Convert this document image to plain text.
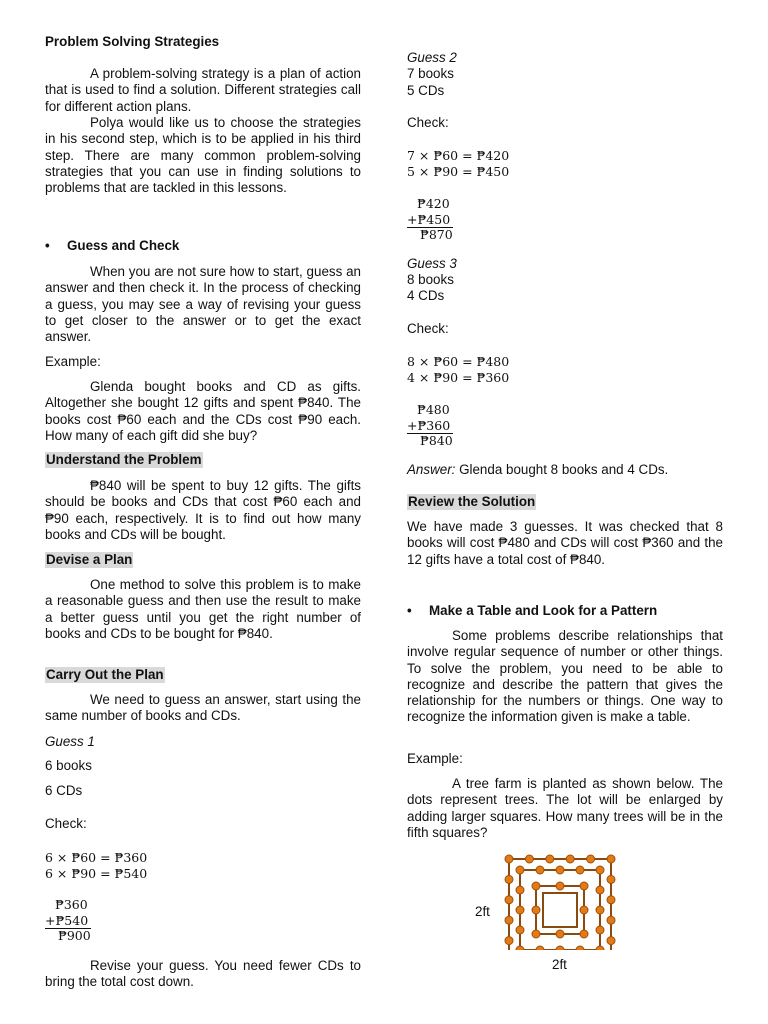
Problem Solving Strategies

A problem-solving strategy is a plan of action that is used to find a solution. Different strategies call for different action plans.

Polya would like us to choose the strategies in his second step, which is to be applied in his third step. There are many common problem-solving strategies that you can use in finding solutions to problems that are tackled in this lessons.

• Guess and Check

When you are not sure how to start, guess an answer and then check it. In the process of checking a guess, you may see a way of revising your guess to get closer to the answer or to get the exact answer.

Example:

Glenda bought books and CD as gifts. Altogether she bought 12 gifts and spent ₱840. The books cost ₱60 each and the CDs cost ₱90 each. How many of each gift did she buy?

Understand the Problem

₱840 will be spent to buy 12 gifts. The gifts should be books and CDs that cost ₱60 each and ₱90 each, respectively. It is to find out how many books and CDs will be bought.

Devise a Plan

One method to solve this problem is to make a reasonable guess and then use the result to make a better guess until you get the right number of books and CDs to be bought for ₱840.

Carry Out the Plan

We need to guess an answer, start using the same number of books and CDs.

Guess 1
6 books
6 CDs
Check:
6 × ₱60 = ₱360
6 × ₱90 = ₱540
₱360
+₱540
₱900

Revise your guess. You need fewer CDs to bring the total cost down.

Guess 2
7 books
5 CDs
Check:
7 × ₱60 = ₱420
5 × ₱90 = ₱450
₱420
+₱450
₱870
Guess 3
8 books
4 CDs
Check:
8 × ₱60 = ₱480
4 × ₱90 = ₱360
₱480
+₱360
₱840
Answer: Glenda bought 8 books and 4 CDs.
Review the Solution

We have made 3 guesses. It was checked that 8 books will cost ₱480 and CDs will cost ₱360 and the 12 gifts have a total cost of ₱840.

• Make a Table and Look for a Pattern

Some problems describe relationships that involve regular sequence of number or other things. To solve the problem, you need to be able to recognize and describe the pattern that gives the relationship for the numbers or things. One way to recognize the information given is make a table.

Example:

A tree farm is planted as shown below. The dots represent trees. The lot will be enlarged by adding larger squares. How many trees will be in the fifth squares?

2ft
2ft
